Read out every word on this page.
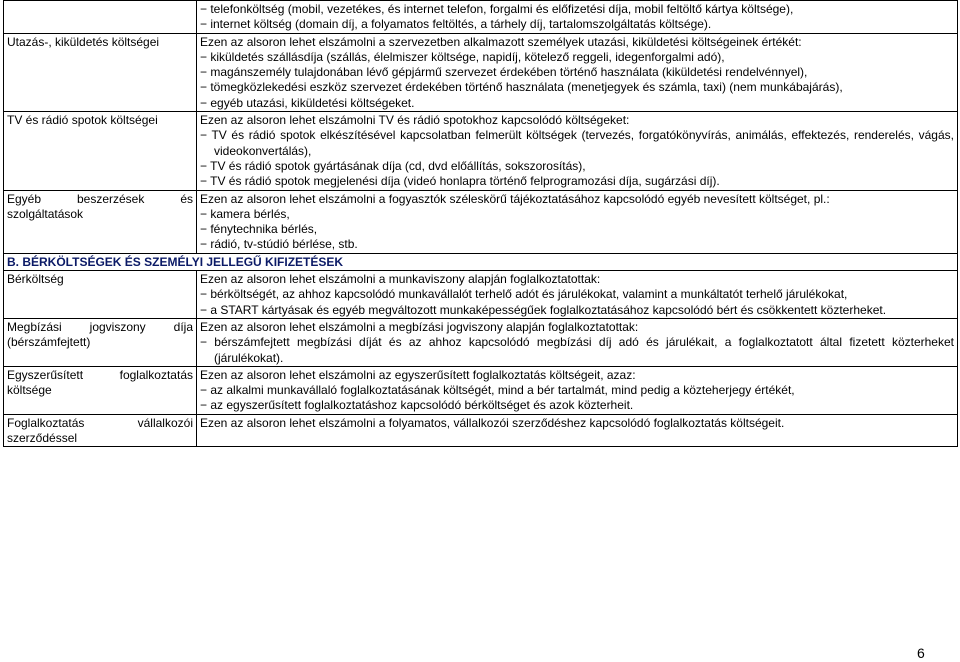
	− telefonköltség (mobil, vezetékes, és internet telefon, forgalmi és előfizetési díja, mobil feltöltő kártya költsége),
− internet költség (domain díj, a folyamatos feltöltés, a tárhely díj, tartalomszolgáltatás költsége).

Utazás-, kiküldetés költségei	Ezen az alsoron lehet elszámolni a szervezetben alkalmazott személyek utazási, kiküldetési költségeinek értékét:
− kiküldetés szállásdíja (szállás, élelmiszer költsége, napidíj, kötelező reggeli, idegenforgalmi adó),
− magánszemély tulajdonában lévő gépjármű szervezet érdekében történő használata (kiküldetési rendelvénnyel),
− tömegközlekedési eszköz szervezet érdekében történő használata (menetjegyek és számla, taxi) (nem munkábajárás),
− egyéb utazási, kiküldetési költségeket.

TV és rádió spotok költségei	Ezen az alsoron lehet elszámolni TV és rádió spotokhoz kapcsolódó költségeket:
− TV és rádió spotok elkészítésével kapcsolatban felmerült költségek (tervezés, forgatókönyvírás, animálás, effektezés, renderelés, vágás, videokonvertálás),
− TV és rádió spotok gyártásának díja (cd, dvd előállítás, sokszorosítás),
− TV és rádió spotok megjelenési díja (videó honlapra történő felprogramozási díja, sugárzási díj).

Egyéb beszerzések és szolgáltatások	Ezen az alsoron lehet elszámolni a fogyasztók széleskörű tájékoztatásához kapcsolódó egyéb nevesített költséget, pl.:
− kamera bérlés,
− fénytechnika bérlés,
− rádió, tv-stúdió bérlése, stb.

B. BÉRKÖLTSÉGEK ÉS SZEMÉLYI JELLEGŰ KIFIZETÉSEK	
Bérköltség	Ezen az alsoron lehet elszámolni a munkaviszony alapján foglalkoztatottak:
− bérköltségét, az ahhoz kapcsolódó munkavállalót terhelő adót és járulékokat, valamint a munkáltatót terhelő járulékokat,
− a START kártyásak és egyéb megváltozott munkaképességűek foglalkoztatásához kapcsolódó bért és csökkentett közterheket.

Megbízási jogviszony díja (bérszámfejtett)	Ezen az alsoron lehet elszámolni a megbízási jogviszony alapján foglalkoztatottak:
− bérszámfejtett megbízási díját és az ahhoz kapcsolódó megbízási díj adó és járulékait, a foglalkoztatott által fizetett közterheket (járulékokat).

Egyszerűsített foglalkoztatás költsége	Ezen az alsoron lehet elszámolni az egyszerűsített foglalkoztatás költségeit, azaz:
− az alkalmi munkavállaló foglalkoztatásának költségét, mind a bér tartalmát, mind pedig a közteherjegy értékét,
− az egyszerűsített foglalkoztatáshoz kapcsolódó bérköltséget és azok közterheit.

Foglalkoztatás vállalkozói szerződéssel	Ezen az alsoron lehet elszámolni a folyamatos, vállalkozói szerződéshez kapcsolódó foglalkoztatás költségeit.
6
